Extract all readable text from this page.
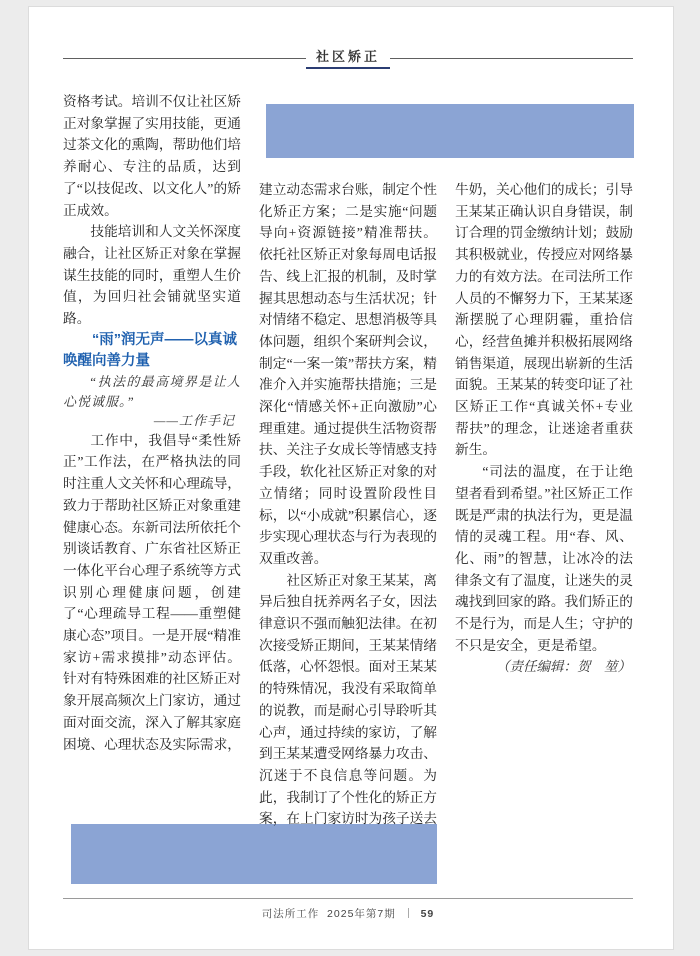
社区矫正

资格考试。培训不仅让社区矫正对象掌握了实用技能，更通过茶文化的熏陶，帮助他们培养耐心、专注的品质，达到了“以技促改、以文化人”的矫正成效。

技能培训和人文关怀深度融合，让社区矫正对象在掌握谋生技能的同时，重塑人生价值，为回归社会铺就坚实道路。

“雨”润无声——以真诚唤醒向善力量

“执法的最高境界是让人心悦诚服。”

——工作手记

工作中，我倡导“柔性矫正”工作法，在严格执法的同时注重人文关怀和心理疏导，致力于帮助社区矫正对象重建健康心态。东新司法所依托个别谈话教育、广东省社区矫正一体化平台心理子系统等方式识别心理健康问题，创建了“心理疏导工程——重塑健康心态”项目。一是开展“精准家访+需求摸排”动态评估。针对有特殊困难的社区矫正对象开展高频次上门家访，通过面对面交流，深入了解其家庭困境、心理状态及实际需求，

建立动态需求台账，制定个性化矫正方案；二是实施“问题导向+资源链接”精准帮扶。依托社区矫正对象每周电话报告、线上汇报的机制，及时掌握其思想动态与生活状况；针对情绪不稳定、思想消极等具体问题，组织个案研判会议，制定“一案一策”帮扶方案，精准介入并实施帮扶措施；三是深化“情感关怀+正向激励”心理重建。通过提供生活物资帮扶、关注子女成长等情感支持手段，软化社区矫正对象的对立情绪；同时设置阶段性目标，以“小成就”积累信心，逐步实现心理状态与行为表现的双重改善。

社区矫正对象王某某，离异后独自抚养两名子女，因法律意识不强而触犯法律。在初次接受矫正期间，王某某情绪低落，心怀怨恨。面对王某某的特殊情况，我没有采取简单的说教，而是耐心引导聆听其心声，通过持续的家访，了解到王某某遭受网络暴力攻击、沉迷于不良信息等问题。为此，我制订了个性化的矫正方案，在上门家访时为孩子送去

牛奶，关心他们的成长；引导王某某正确认识自身错误，制订合理的罚金缴纳计划；鼓励其积极就业，传授应对网络暴力的有效方法。在司法所工作人员的不懈努力下，王某某逐渐摆脱了心理阴霾，重拾信心，经营鱼摊并积极拓展网络销售渠道，展现出崭新的生活面貌。王某某的转变印证了社区矫正工作“真诚关怀+专业帮扶”的理念，让迷途者重获新生。

“司法的温度，在于让绝望者看到希望。”社区矫正工作既是严肃的执法行为，更是温情的灵魂工程。用“春、风、化、雨”的智慧，让冰冷的法律条文有了温度，让迷失的灵魂找到回家的路。我们矫正的不是行为，而是人生；守护的不只是安全，更是希望。

（责任编辑：贺　堃）

司法所工作 2025年第7期 59
